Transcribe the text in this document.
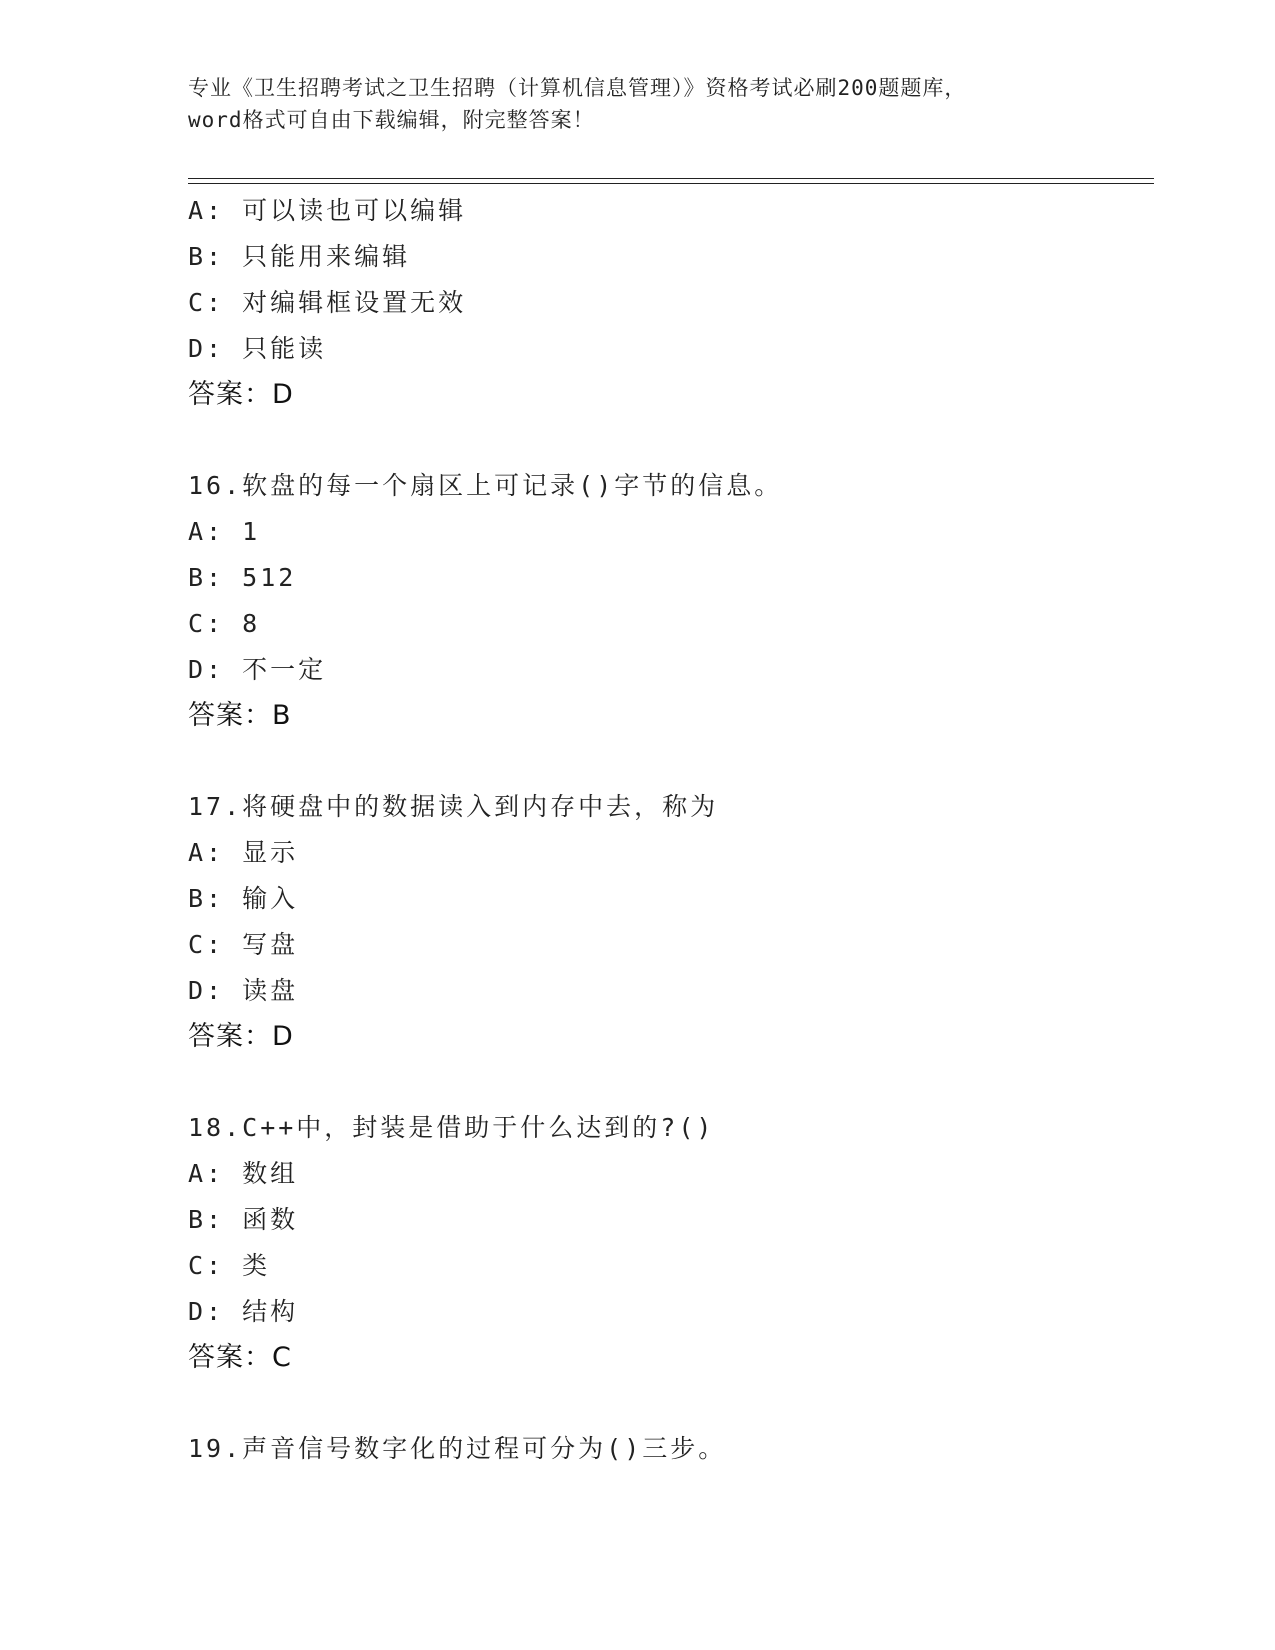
专业《卫生招聘考试之卫生招聘（计算机信息管理）》资格考试必刷200题题库，
word格式可自由下载编辑，附完整答案！
A: 可以读也可以编辑
B: 只能用来编辑
C: 对编辑框设置无效
D: 只能读
答案：D
16.软盘的每一个扇区上可记录()字节的信息。
A: 1
B: 512
C: 8
D: 不一定
答案：B
17.将硬盘中的数据读入到内存中去，称为
A: 显示
B: 输入
C: 写盘
D: 读盘
答案：D
18.C++中，封装是借助于什么达到的?()
A: 数组
B: 函数
C: 类
D: 结构
答案：C
19.声音信号数字化的过程可分为()三步。
